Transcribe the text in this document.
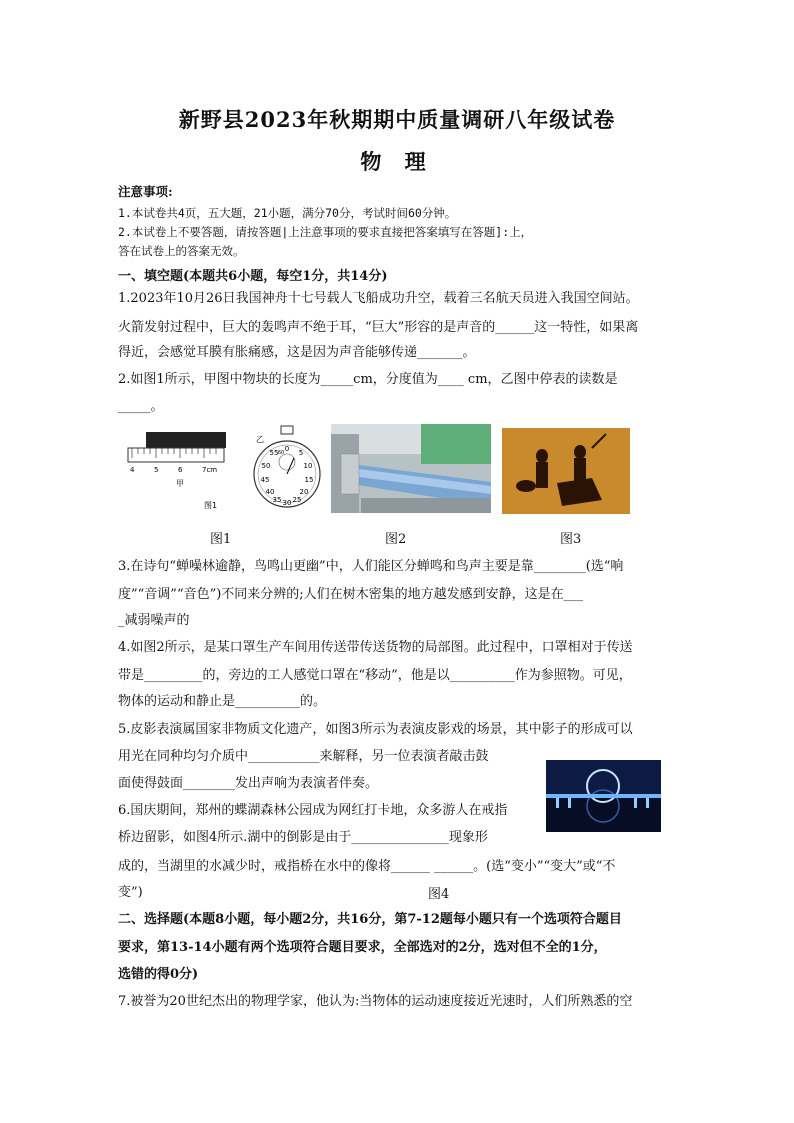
新野县2023年秋期期中质量调研八年级试卷
物 理
注意事项:
1.本试卷共4页，五大题，21小题，满分70分，考试时间60分钟。
2.本试卷上不要答题，请按答题|上注意事项的要求直接把答案填写在答题]:上，
答在试卷上的答案无效。
一、填空题(本题共6小题，每空1分，共14分)
1.2023年10月26日我国神舟十七号载人飞船成功升空，载着三名航天员进入我国空间站。
火箭发射过程中，巨大的轰鸣声不绝于耳，“巨大”形容的是声音的______这一特性，如果离
得近，会感觉耳膜有胀痛感，这是因为声音能够传递_______。
2.如图1所示，甲图中物块的长度为_____cm，分度值为____ cm，乙图中停表的读数是
_____。
4	5	6	7cm
甲
图1
乙
0
60
55	5
50	10
45	15
40	20
35 25
30
图1	图2	图3
3.在诗句“蝉噪林逾静，鸟鸣山更幽”中，人们能区分蝉鸣和鸟声主要是靠________(选“响
度”“音调”“音色”)不同来分辨的;人们在树木密集的地方越发感到安静，这是在___
_减弱噪声的
4.如图2所示，是某口罩生产车间用传送带传送货物的局部图。此过程中，口罩相对于传送
带是_________的，旁边的工人感觉口罩在“移动”，他是以__________作为参照物。可见，
物体的运动和静止是__________的。
5.皮影表演属国家非物质文化遗产，如图3所示为表演皮影戏的场景，其中影子的形成可以
用光在同种均匀介质中___________来解释，另一位表演者敲击鼓
面使得鼓面________发出声响为表演者伴奏。
6.国庆期间，郑州的蝶湖森林公园成为网红打卡地，众多游人在戒指
桥边留影，如图4所示.湖中的倒影是由于_______________现象形
成的，当湖里的水减少时，戒指桥在水中的像将______ ______。(选“变小”“变大”或“不
变”)	图4
二、选择题(本题8小题，每小题2分，共16分，第7-12题每小题只有一个选项符合题目
要求，第13-14小题有两个选项符合题目要求，全部选对的2分，选对但不全的1分，
选错的得0分)
7.被誉为20世纪杰出的物理学家，他认为:当物体的运动速度接近光速时，人们所熟悉的空
